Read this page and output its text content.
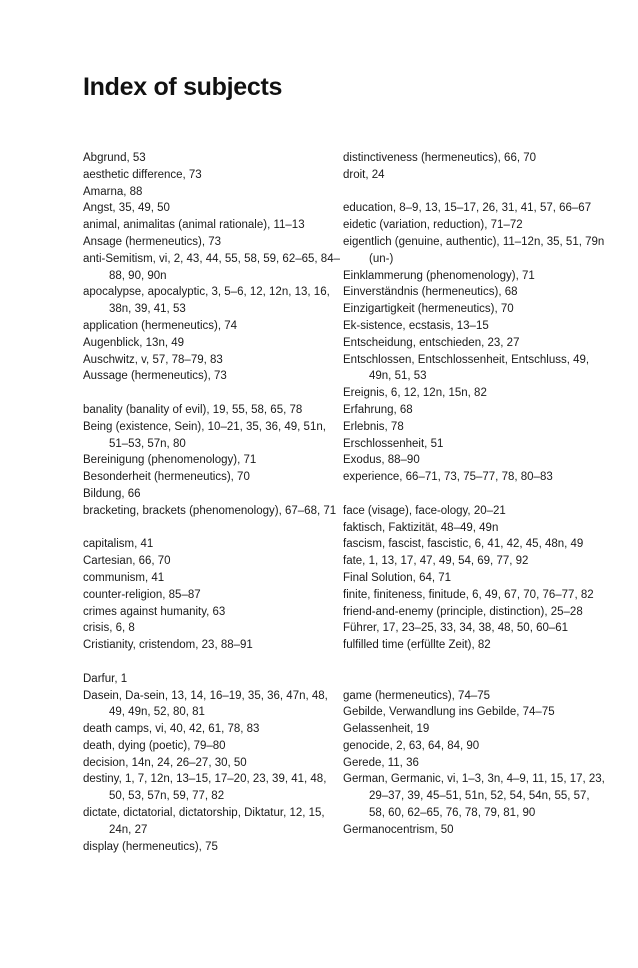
Index of subjects
Abgrund, 53
aesthetic difference, 73
Amarna, 88
Angst, 35, 49, 50
animal, animalitas (animal rationale), 11–13
Ansage (hermeneutics), 73
anti-Semitism, vi, 2, 43, 44, 55, 58, 59, 62–65, 84–88, 90, 90n
apocalypse, apocalyptic, 3, 5–6, 12, 12n, 13, 16, 38n, 39, 41, 53
application (hermeneutics), 74
Augenblick, 13n, 49
Auschwitz, v, 57, 78–79, 83
Aussage (hermeneutics), 73
banality (banality of evil), 19, 55, 58, 65, 78
Being (existence, Sein), 10–21, 35, 36, 49, 51n, 51–53, 57n, 80
Bereinigung (phenomenology), 71
Besonderheit (hermeneutics), 70
Bildung, 66
bracketing, brackets (phenomenology), 67–68, 71
capitalism, 41
Cartesian, 66, 70
communism, 41
counter-religion, 85–87
crimes against humanity, 63
crisis, 6, 8
Cristianity, cristendom, 23, 88–91
Darfur, 1
Dasein, Da-sein, 13, 14, 16–19, 35, 36, 47n, 48, 49, 49n, 52, 80, 81
death camps, vi, 40, 42, 61, 78, 83
death, dying (poetic), 79–80
decision, 14n, 24, 26–27, 30, 50
destiny, 1, 7, 12n, 13–15, 17–20, 23, 39, 41, 48, 50, 53, 57n, 59, 77, 82
dictate, dictatorial, dictatorship, Diktatur, 12, 15, 24n, 27
display (hermeneutics), 75
distinctiveness (hermeneutics), 66, 70
droit, 24
education, 8–9, 13, 15–17, 26, 31, 41, 57, 66–67
eidetic (variation, reduction), 71–72
eigentlich (genuine, authentic), 11–12n, 35, 51, 79n (un-)
Einklammerung (phenomenology), 71
Einverständnis (hermeneutics), 68
Einzigartigkeit (hermeneutics), 70
Ek-sistence, ecstasis, 13–15
Entscheidung, entschieden, 23, 27
Entschlossen, Entschlossenheit, Entschluss, 49, 49n, 51, 53
Ereignis, 6, 12, 12n, 15n, 82
Erfahrung, 68
Erlebnis, 78
Erschlossenheit, 51
Exodus, 88–90
experience, 66–71, 73, 75–77, 78, 80–83
face (visage), face-ology, 20–21
faktisch, Faktizität, 48–49, 49n
fascism, fascist, fascistic, 6, 41, 42, 45, 48n, 49
fate, 1, 13, 17, 47, 49, 54, 69, 77, 92
Final Solution, 64, 71
finite, finiteness, finitude, 6, 49, 67, 70, 76–77, 82
friend-and-enemy (principle, distinction), 25–28
Führer, 17, 23–25, 33, 34, 38, 48, 50, 60–61
fulfilled time (erfüllte Zeit), 82
game (hermeneutics), 74–75
Gebilde, Verwandlung ins Gebilde, 74–75
Gelassenheit, 19
genocide, 2, 63, 64, 84, 90
Gerede, 11, 36
German, Germanic, vi, 1–3, 3n, 4–9, 11, 15, 17, 23, 29–37, 39, 45–51, 51n, 52, 54, 54n, 55, 57, 58, 60, 62–65, 76, 78, 79, 81, 90
Germanocentrism, 50
